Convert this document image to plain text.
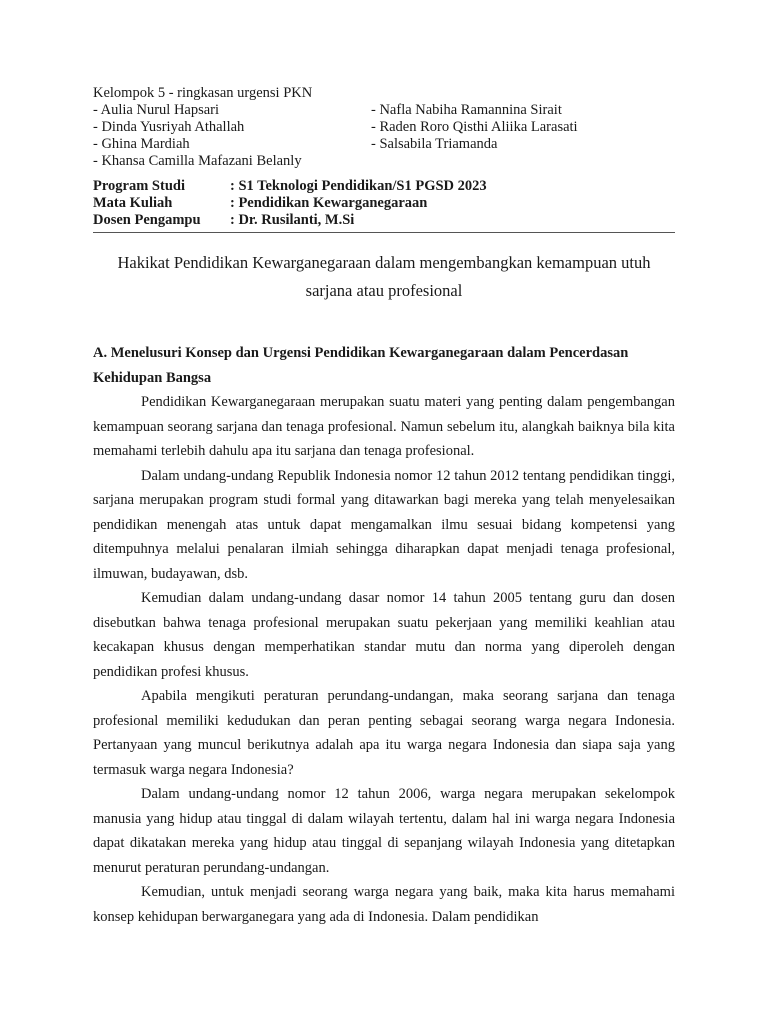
Kelompok 5 - ringkasan urgensi PKN

- Aulia Nurul Hapsari
- Dinda Yusriyah Athallah
- Ghina Mardiah
- Khansa Camilla Mafazani Belanly
- Nafla Nabiha Ramannina Sirait
- Raden Roro Qisthi Aliika Larasati
- Salsabila Triamanda
Program Studi	: S1 Teknologi Pendidikan/S1 PGSD 2023
Mata Kuliah	: Pendidikan Kewarganegaraan
Dosen Pengampu	: Dr. Rusilanti, M.Si
Hakikat Pendidikan Kewarganegaraan dalam mengembangkan kemampuan utuh sarjana atau profesional
A. Menelusuri Konsep dan Urgensi Pendidikan Kewarganegaraan dalam Pencerdasan Kehidupan Bangsa

Pendidikan Kewarganegaraan merupakan suatu materi yang penting dalam pengembangan kemampuan seorang sarjana dan tenaga profesional. Namun sebelum itu, alangkah baiknya bila kita memahami terlebih dahulu apa itu sarjana dan tenaga profesional.

Dalam undang-undang Republik Indonesia nomor 12 tahun 2012 tentang pendidikan tinggi, sarjana merupakan program studi formal yang ditawarkan bagi mereka yang telah menyelesaikan pendidikan menengah atas untuk dapat mengamalkan ilmu sesuai bidang kompetensi yang ditempuhnya melalui penalaran ilmiah sehingga diharapkan dapat menjadi tenaga profesional, ilmuwan, budayawan, dsb.

Kemudian dalam undang-undang dasar nomor 14 tahun 2005 tentang guru dan dosen disebutkan bahwa tenaga profesional merupakan suatu pekerjaan yang memiliki keahlian atau kecakapan khusus dengan memperhatikan standar mutu dan norma yang diperoleh dengan pendidikan profesi khusus.

Apabila mengikuti peraturan perundang-undangan, maka seorang sarjana dan tenaga profesional memiliki kedudukan dan peran penting sebagai seorang warga negara Indonesia. Pertanyaan yang muncul berikutnya adalah apa itu warga negara Indonesia dan siapa saja yang termasuk warga negara Indonesia?

Dalam undang-undang nomor 12 tahun 2006, warga negara merupakan sekelompok manusia yang hidup atau tinggal di dalam wilayah tertentu, dalam hal ini warga negara Indonesia dapat dikatakan mereka yang hidup atau tinggal di sepanjang wilayah Indonesia yang ditetapkan menurut peraturan perundang-undangan.

Kemudian, untuk menjadi seorang warga negara yang baik, maka kita harus memahami konsep kehidupan berwarganegara yang ada di Indonesia. Dalam pendidikan
